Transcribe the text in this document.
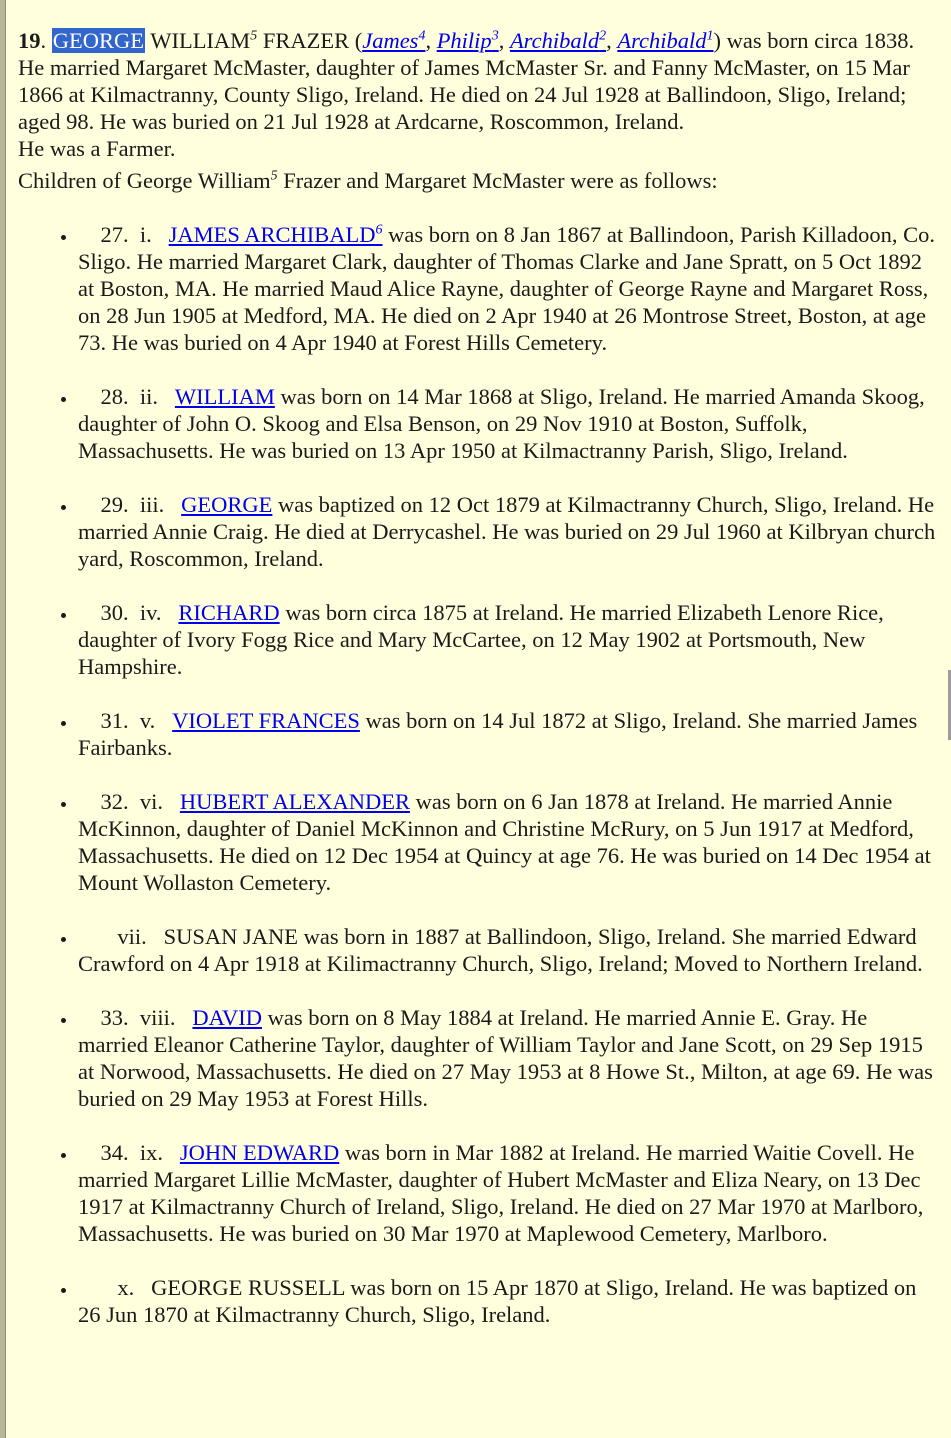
19. GEORGE WILLIAM$^5$ FRAZER (James$^4$, Philip$^3$, Archibald$^2$, Archibald$^1$) was born circa 1838. He married Margaret McMaster, daughter of James McMaster Sr. and Fanny McMaster, on 15 Mar 1866 at Kilmactranny, County Sligo, Ireland. He died on 24 Jul 1928 at Ballindoon, Sligo, Ireland; aged 98. He was buried on 21 Jul 1928 at Ardcarne, Roscommon, Ireland.
He was a Farmer.

Children of George William$^5$ Frazer and Margaret McMaster were as follows:

• 27. i. JAMES ARCHIBALD$^6$ was born on 8 Jan 1867 at Ballindoon, Parish Killadoon, Co. Sligo. He married Margaret Clark, daughter of Thomas Clarke and Jane Spratt, on 5 Oct 1892 at Boston, MA. He married Maud Alice Rayne, daughter of George Rayne and Margaret Ross, on 28 Jun 1905 at Medford, MA. He died on 2 Apr 1940 at 26 Montrose Street, Boston, at age 73. He was buried on 4 Apr 1940 at Forest Hills Cemetery.
• 28. ii. WILLIAM was born on 14 Mar 1868 at Sligo, Ireland. He married Amanda Skoog, daughter of John O. Skoog and Elsa Benson, on 29 Nov 1910 at Boston, Suffolk, Massachusetts. He was buried on 13 Apr 1950 at Kilmactranny Parish, Sligo, Ireland.
• 29. iii. GEORGE was baptized on 12 Oct 1879 at Kilmactranny Church, Sligo, Ireland. He married Annie Craig. He died at Derrycashel. He was buried on 29 Jul 1960 at Kilbryan church yard, Roscommon, Ireland.
• 30. iv. RICHARD was born circa 1875 at Ireland. He married Elizabeth Lenore Rice, daughter of Ivory Fogg Rice and Mary McCartee, on 12 May 1902 at Portsmouth, New Hampshire.
• 31. v. VIOLET FRANCES was born on 14 Jul 1872 at Sligo, Ireland. She married James Fairbanks.
• 32. vi. HUBERT ALEXANDER was born on 6 Jan 1878 at Ireland. He married Annie McKinnon, daughter of Daniel McKinnon and Christine McRury, on 5 Jun 1917 at Medford, Massachusetts. He died on 12 Dec 1954 at Quincy at age 76. He was buried on 14 Dec 1954 at Mount Wollaston Cemetery.
• vii. SUSAN JANE was born in 1887 at Ballindoon, Sligo, Ireland. She married Edward Crawford on 4 Apr 1918 at Kilimactranny Church, Sligo, Ireland; Moved to Northern Ireland.
• 33. viii. DAVID was born on 8 May 1884 at Ireland. He married Annie E. Gray. He married Eleanor Catherine Taylor, daughter of William Taylor and Jane Scott, on 29 Sep 1915 at Norwood, Massachusetts. He died on 27 May 1953 at 8 Howe St., Milton, at age 69. He was buried on 29 May 1953 at Forest Hills.
• 34. ix. JOHN EDWARD was born in Mar 1882 at Ireland. He married Waitie Covell. He married Margaret Lillie McMaster, daughter of Hubert McMaster and Eliza Neary, on 13 Dec 1917 at Kilmactranny Church of Ireland, Sligo, Ireland. He died on 27 Mar 1970 at Marlboro, Massachusetts. He was buried on 30 Mar 1970 at Maplewood Cemetery, Marlboro.
• x. GEORGE RUSSELL was born on 15 Apr 1870 at Sligo, Ireland. He was baptized on 26 Jun 1870 at Kilmactranny Church, Sligo, Ireland.
